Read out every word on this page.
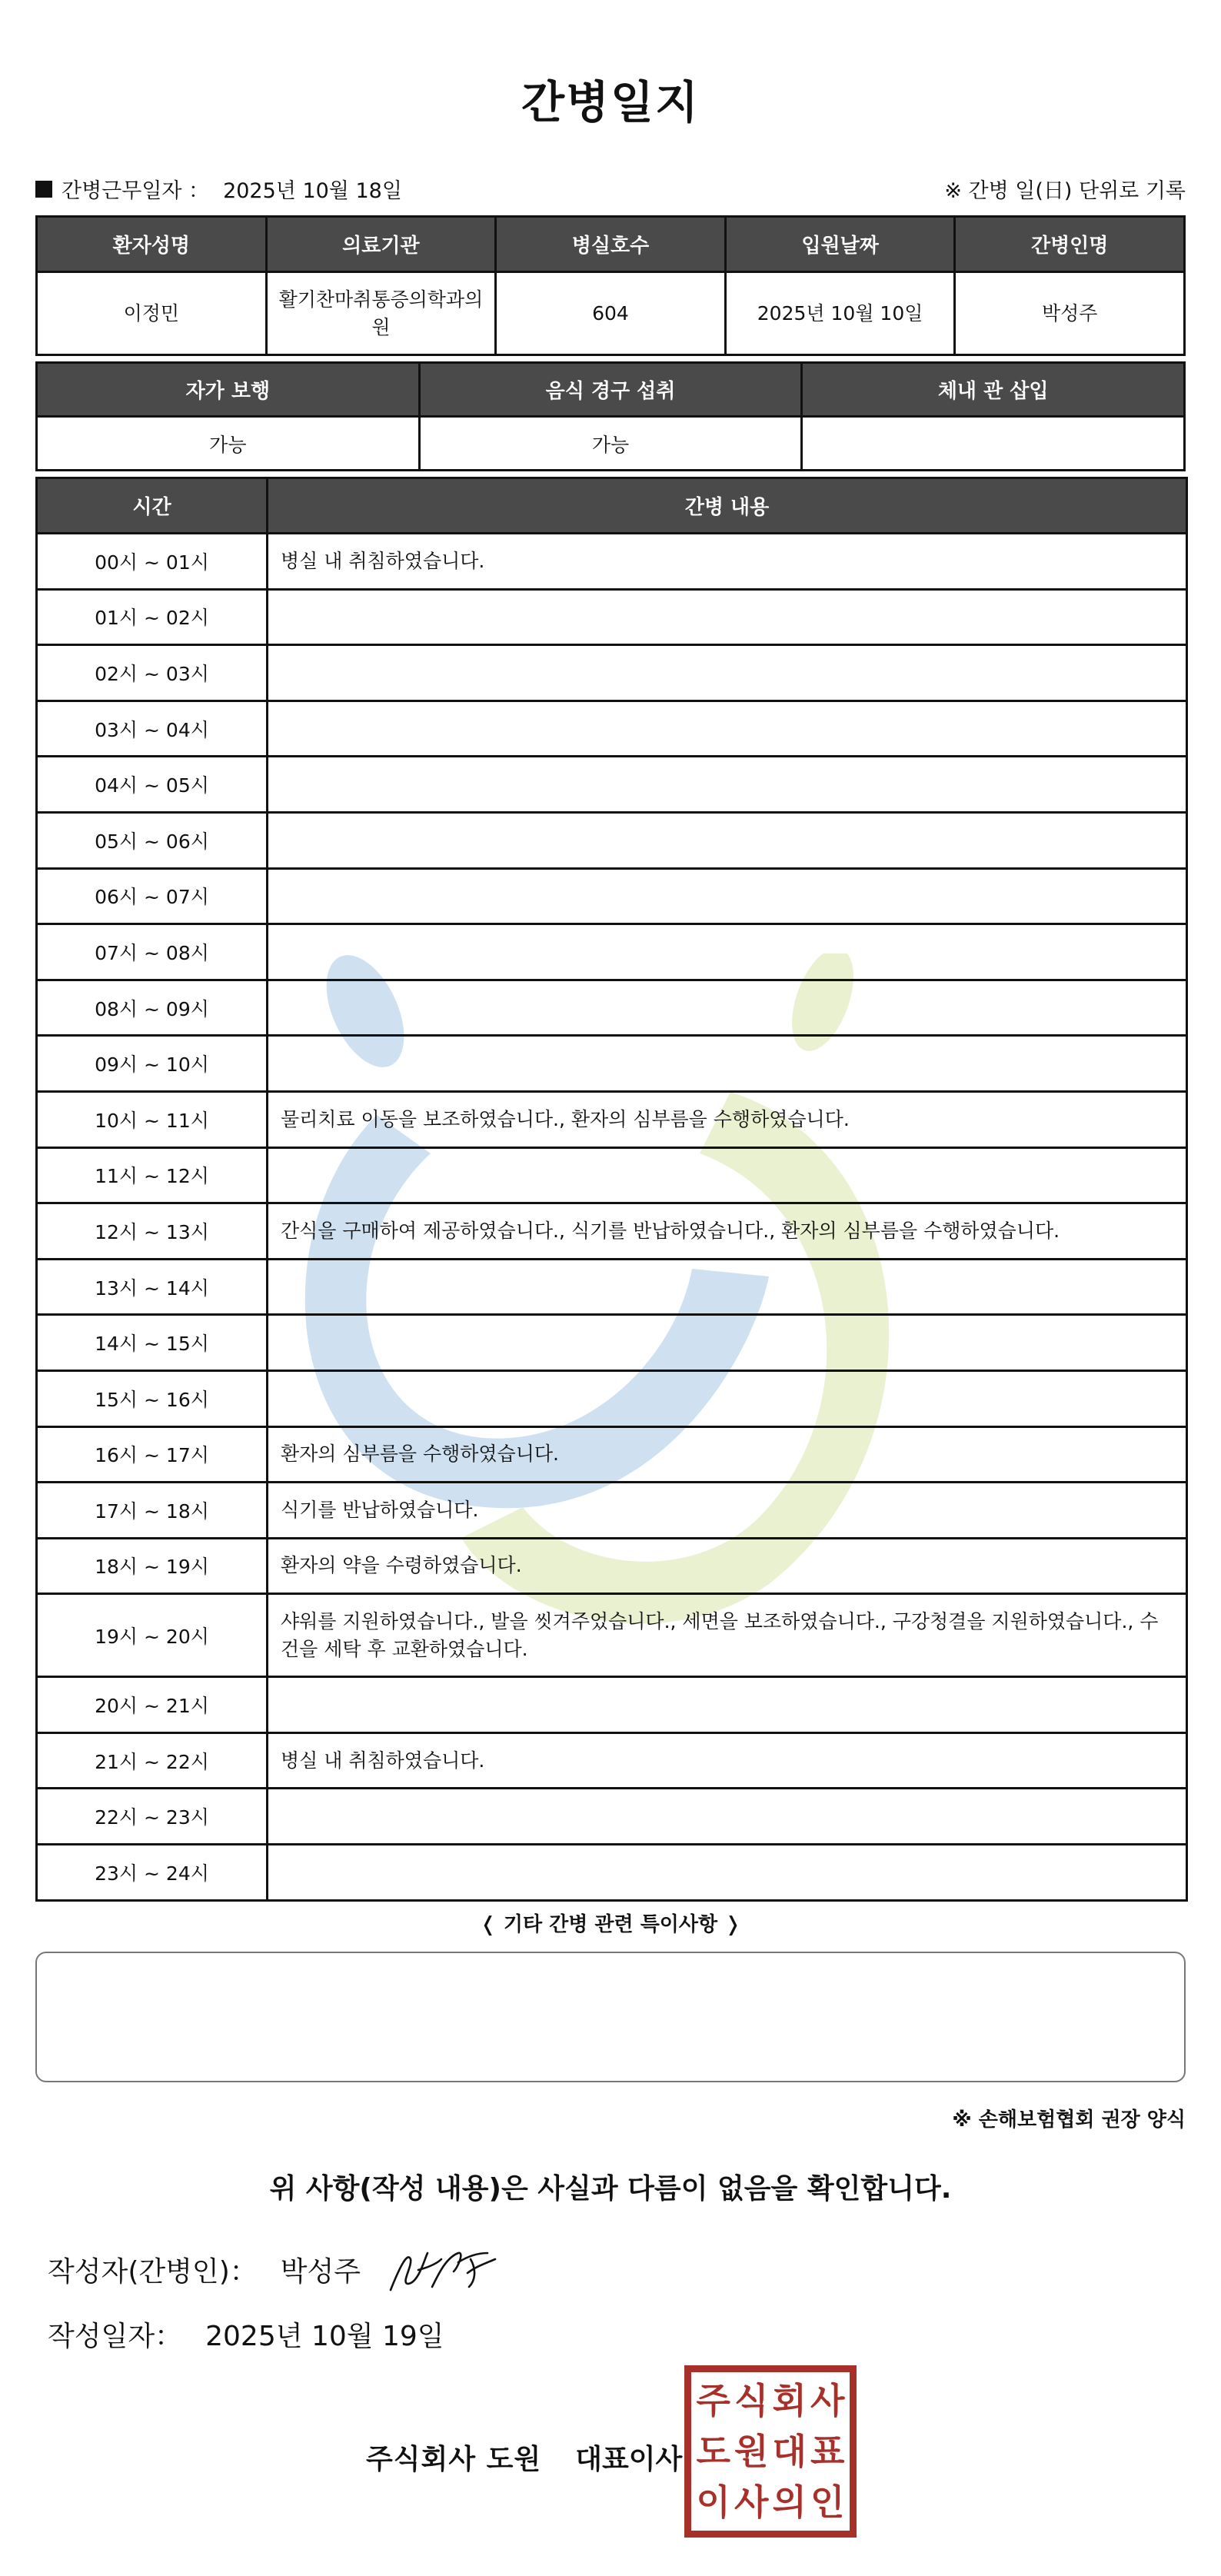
간병일지
간병근무일자 ： 2025년 10월 18일	※ 간병 일(日) 단위로 기록
환자성명	의료기관	병실호수	입원날짜	간병인명
이정민	활기찬마취통증의학과의원	604	2025년 10월 10일	박성주
자가 보행	음식 경구 섭취	체내 관 삽입
가능	가능	
시간	간병 내용
00시 ~ 01시	병실 내 취침하였습니다.
01시 ~ 02시	
02시 ~ 03시	
03시 ~ 04시	
04시 ~ 05시	
05시 ~ 06시	
06시 ~ 07시	
07시 ~ 08시	
08시 ~ 09시	
09시 ~ 10시	
10시 ~ 11시	물리치료 이동을 보조하였습니다., 환자의 심부름을 수행하였습니다.
11시 ~ 12시	
12시 ~ 13시	간식을 구매하여 제공하였습니다., 식기를 반납하였습니다., 환자의 심부름을 수행하였습니다.
13시 ~ 14시	
14시 ~ 15시	
15시 ~ 16시	
16시 ~ 17시	환자의 심부름을 수행하였습니다.
17시 ~ 18시	식기를 반납하였습니다.
18시 ~ 19시	환자의 약을 수령하였습니다.
19시 ~ 20시	샤워를 지원하였습니다., 발을 씻겨주었습니다., 세면을 보조하였습니다., 구강청결을 지원하였습니다., 수건을 세탁 후 교환하였습니다.
20시 ~ 21시	
21시 ~ 22시	병실 내 취침하였습니다.
22시 ~ 23시	
23시 ~ 24시	
❬ 기타 간병 관련 특이사항 ❭
※ 손해보험협회 권장 양식
위 사항(작성 내용)은 사실과 다름이 없음을 확인합니다.
작성자(간병인)： 박성주
작성일자： 2025년 10월 19일
주식회사 도원 대표이사
주 식 회 사
도 원 대 표
이 사 의 인
